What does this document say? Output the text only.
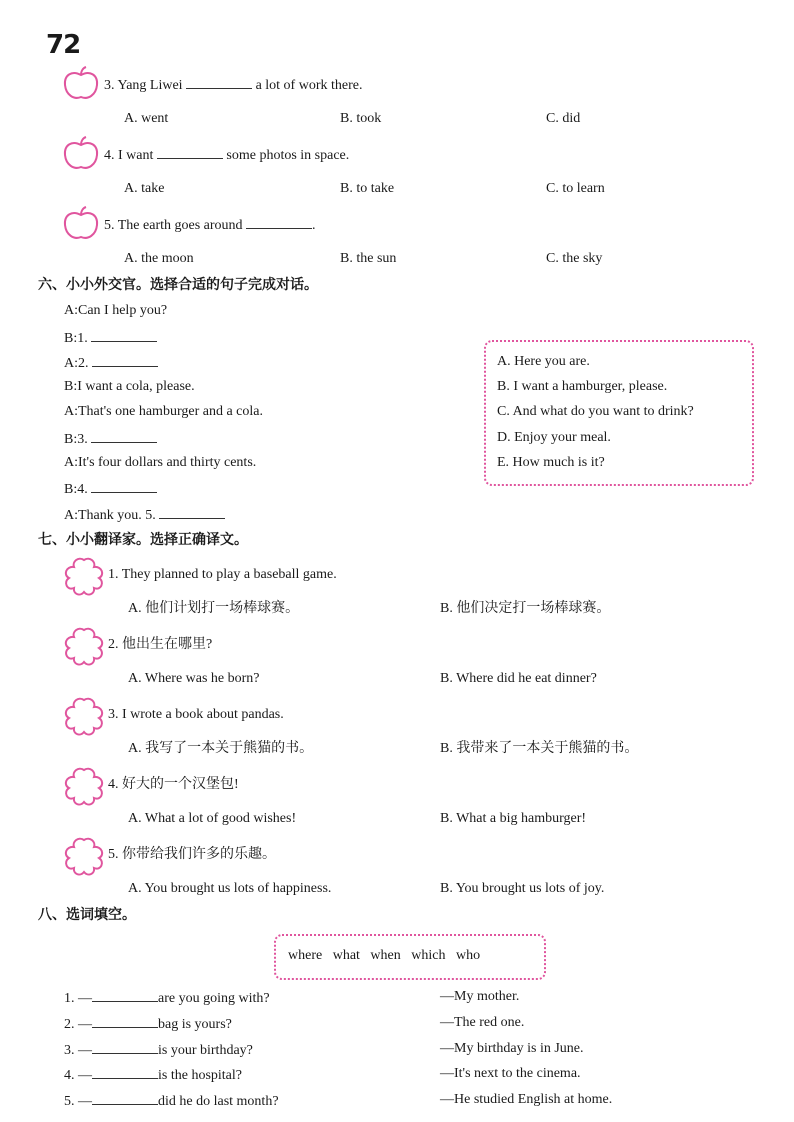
72
3. Yang Liwei	a lot of work there.
A. went	B. took	C. did
4. I want	some photos in space.
A. take	B. to take	C. to learn
5. The earth goes around	.
A. the moon	B. the sun	C. the sky
六、小小外交官。选择合适的句子完成对话。
A:Can I help you?
B:1.
A:2.
B:I want a cola, please.
A:That's one hamburger and a cola.
B:3.
A:It's four dollars and thirty cents.
B:4.
A:Thank you. 5.
A. Here you are.
B. I want a hamburger, please.
C. And what do you want to drink?
D. Enjoy your meal.
E. How much is it?
七、小小翻译家。选择正确译文。
1. They planned to play a baseball game.
A. 他们计划打一场棒球赛。	B. 他们决定打一场棒球赛。
2. 他出生在哪里?
A. Where was he born?	B. Where did he eat dinner?
3. I wrote a book about pandas.
A. 我写了一本关于熊猫的书。	B. 我带来了一本关于熊猫的书。
4. 好大的一个汉堡包!
A. What a lot of good wishes!	B. What a big hamburger!
5. 你带给我们许多的乐趣。
A. You brought us lots of happiness.	B. You brought us lots of joy.
八、选词填空。
where what when which who
1. —	are you going with?	—My mother.
2. —	bag is yours?	—The red one.
3. —	is your birthday?	—My birthday is in June.
4. —	is the hospital?	—It's next to the cinema.
5. —	did he do last month?	—He studied English at home.
